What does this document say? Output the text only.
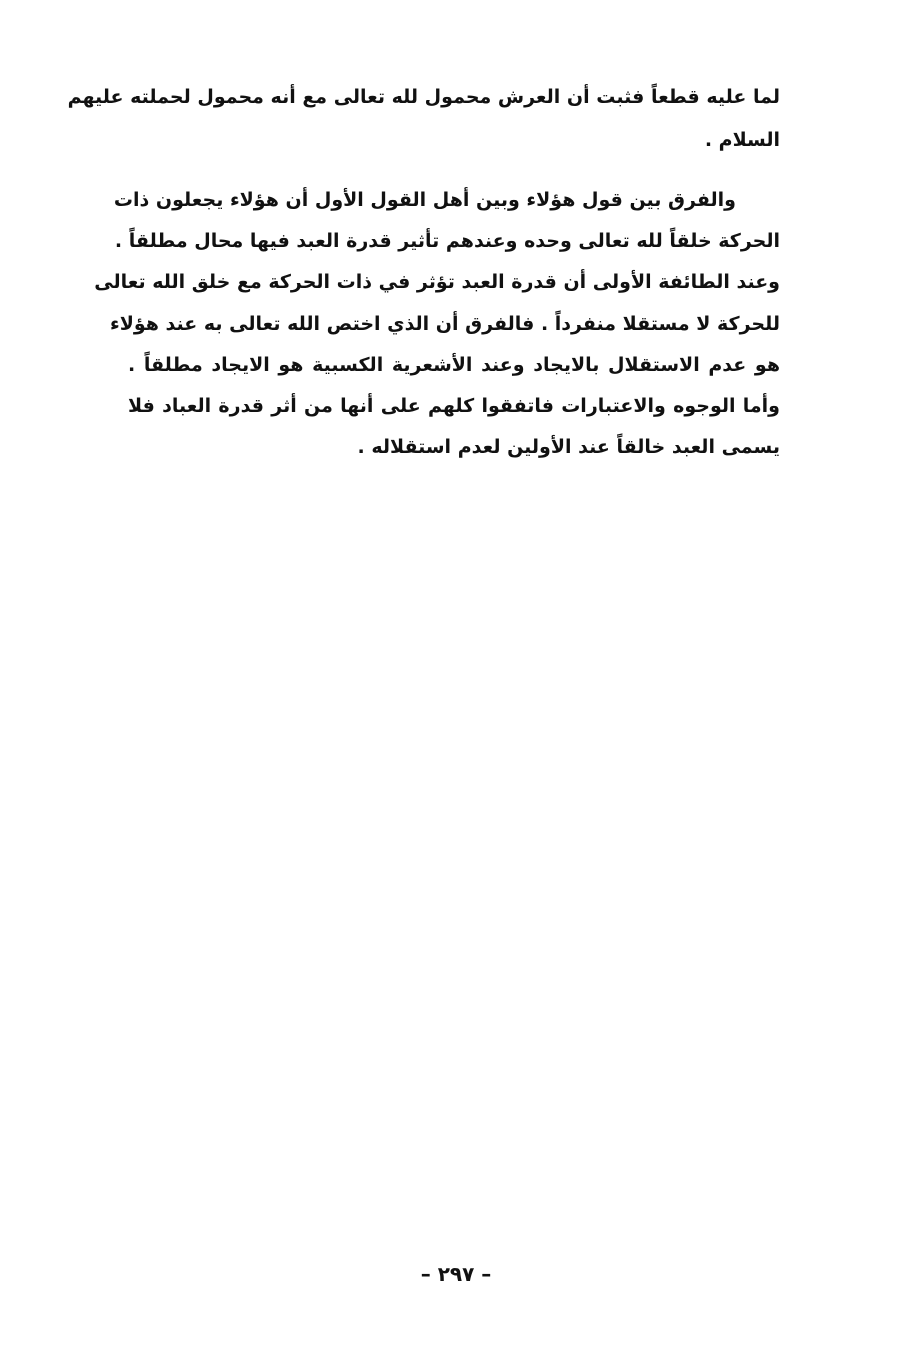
لما عليه قطعاً فثبت أن العرش محمول لله تعالى مع أنه محمول لحملته عليهم
السلام .
والفرق بين قول هؤلاء وبين أهل القول الأول أن هؤلاء يجعلون ذات
الحركة خلقاً لله تعالى وحده وعندهم تأثير قدرة العبد فيها محال مطلقاً .
وعند الطائفة الأولى أن قدرة العبد تؤثر في ذات الحركة مع خلق الله تعالى
للحركة لا مستقلا منفرداً . فالفرق أن الذي اختص الله تعالى به عند هؤلاء
هو عدم الاستقلال بالايجاد وعند الأشعرية الكسبية هو الايجاد مطلقاً .
وأما الوجوه والاعتبارات فاتفقوا كلهم على أنها من أثر قدرة العباد فلا
يسمى العبد خالقاً عند الأولين لعدم استقلاله .
– ٢٩٧ –
